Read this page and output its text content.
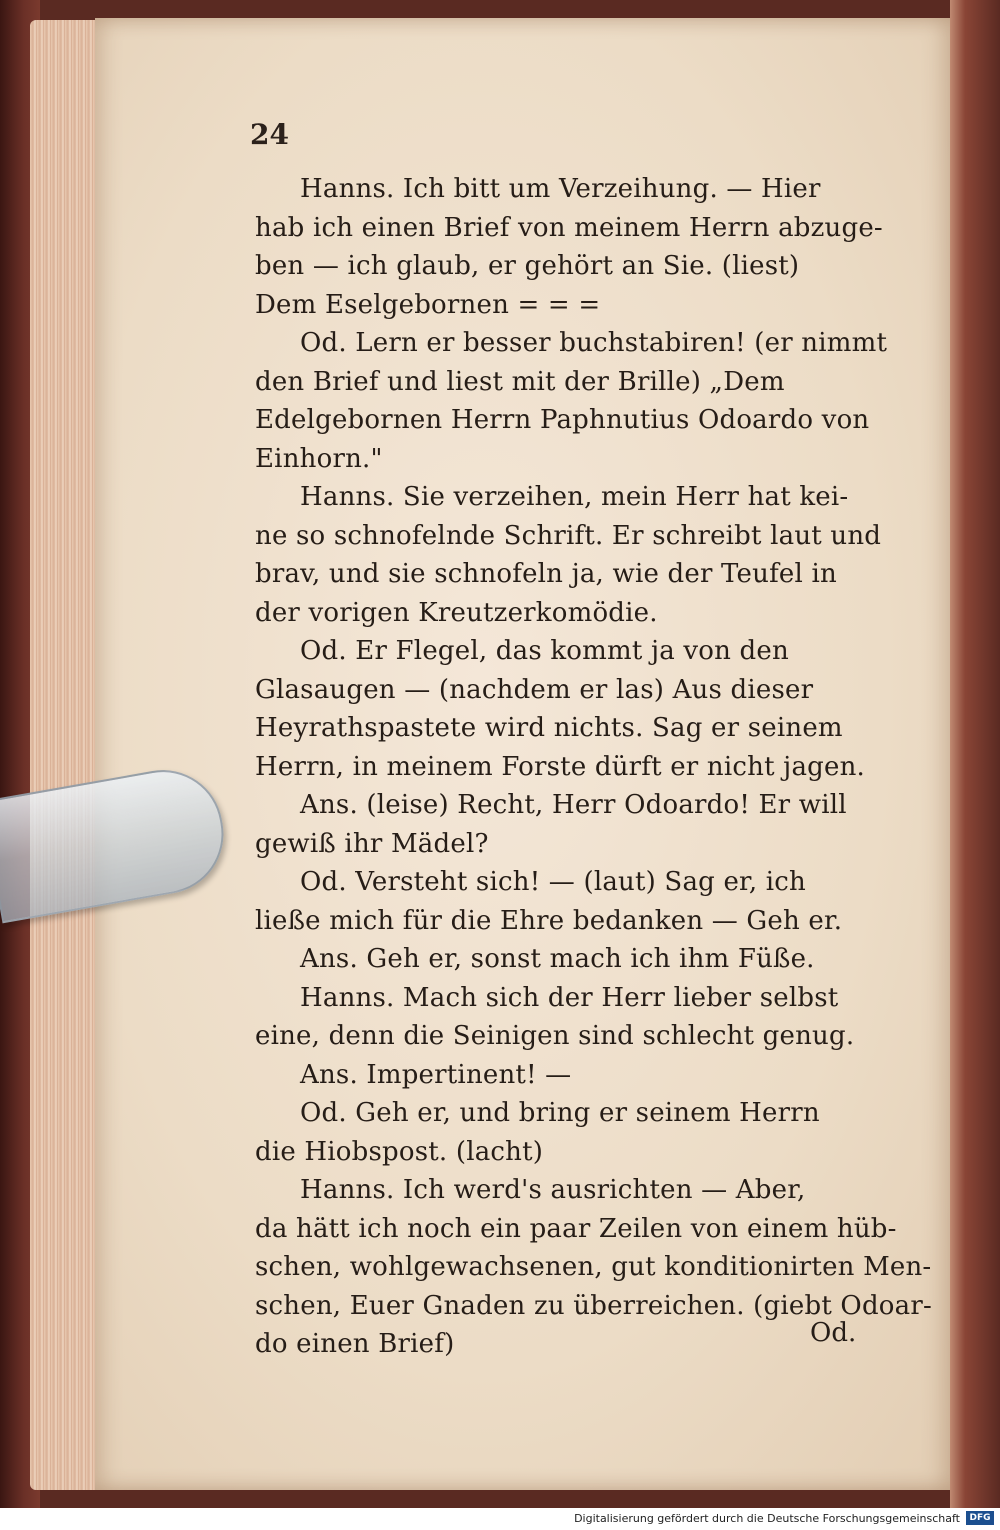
24
Hanns. Ich bitt um Verzeihung. — Hier
hab ich einen Brief von meinem Herrn abzuge-
ben — ich glaub, er gehört an Sie. (liest)
Dem Eselgebornen = = =
Od. Lern er besser buchstabiren! (er nimmt
den Brief und liest mit der Brille) „Dem
Edelgebornen Herrn Paphnutius Odoardo von
Einhorn."
Hanns. Sie verzeihen, mein Herr hat kei-
ne so schnofelnde Schrift. Er schreibt laut und
brav, und sie schnofeln ja, wie der Teufel in
der vorigen Kreutzerkomödie.
Od. Er Flegel, das kommt ja von den
Glasaugen — (nachdem er las) Aus dieser
Heyrathspastete wird nichts. Sag er seinem
Herrn, in meinem Forste dürft er nicht jagen.
Ans. (leise) Recht, Herr Odoardo! Er will
gewiß ihr Mädel?
Od. Versteht sich! — (laut) Sag er, ich
ließe mich für die Ehre bedanken — Geh er.
Ans. Geh er, sonst mach ich ihm Füße.
Hanns. Mach sich der Herr lieber selbst
eine, denn die Seinigen sind schlecht genug.
Ans. Impertinent! —
Od. Geh er, und bring er seinem Herrn
die Hiobspost. (lacht)
Hanns. Ich werd's ausrichten — Aber,
da hätt ich noch ein paar Zeilen von einem hüb-
schen, wohlgewachsenen, gut konditionirten Men-
schen, Euer Gnaden zu überreichen. (giebt Odoar-
do einen Brief)	Od.
Digitalisierung gefördert durch die Deutsche Forschungsgemeinschaft	DFG
